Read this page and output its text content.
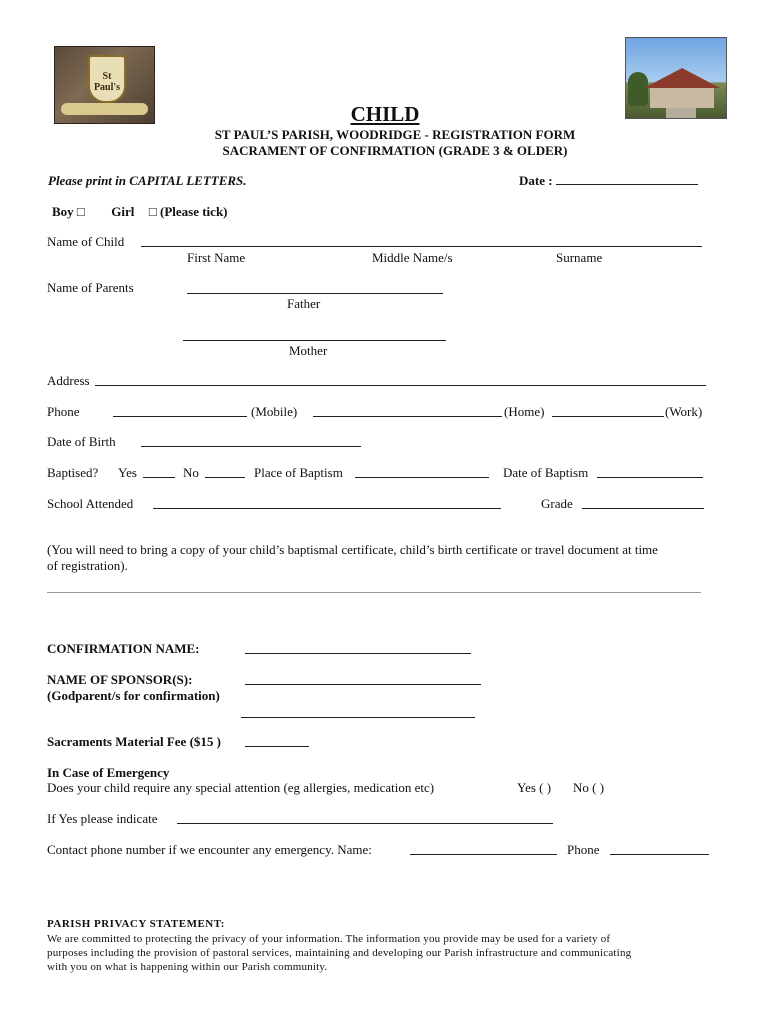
St Paul's
CHILD
ST PAUL’S PARISH, WOODRIDGE - REGISTRATION FORM
SACRAMENT OF CONFIRMATION (GRADE 3 & OLDER)
Please print in CAPITAL LETTERS.	Date :
Boy □ Girl □ (Please tick)
Name of Child
First Name	Middle Name/s	Surname
Name of Parents
Father
Mother
Address
Phone	(Mobile)	(Home)	(Work)
Date of Birth
Baptised? Yes	No	Place of Baptism	Date of Baptism
School Attended	Grade
(You will need to bring a copy of your child’s baptismal certificate, child’s birth certificate or travel document at time
of registration).
CONFIRMATION NAME:
NAME OF SPONSOR(S):
(Godparent/s for confirmation)
Sacraments Material Fee ($15 )
In Case of Emergency
Does your child require any special attention (eg allergies, medication etc)	Yes ( ) No ( )
If Yes please indicate
Contact phone number if we encounter any emergency. Name:	Phone
PARISH PRIVACY STATEMENT:
We are committed to protecting the privacy of your information. The information you provide may be used for a variety of
purposes including the provision of pastoral services, maintaining and developing our Parish infrastructure and communicating
with you on what is happening within our Parish community.
